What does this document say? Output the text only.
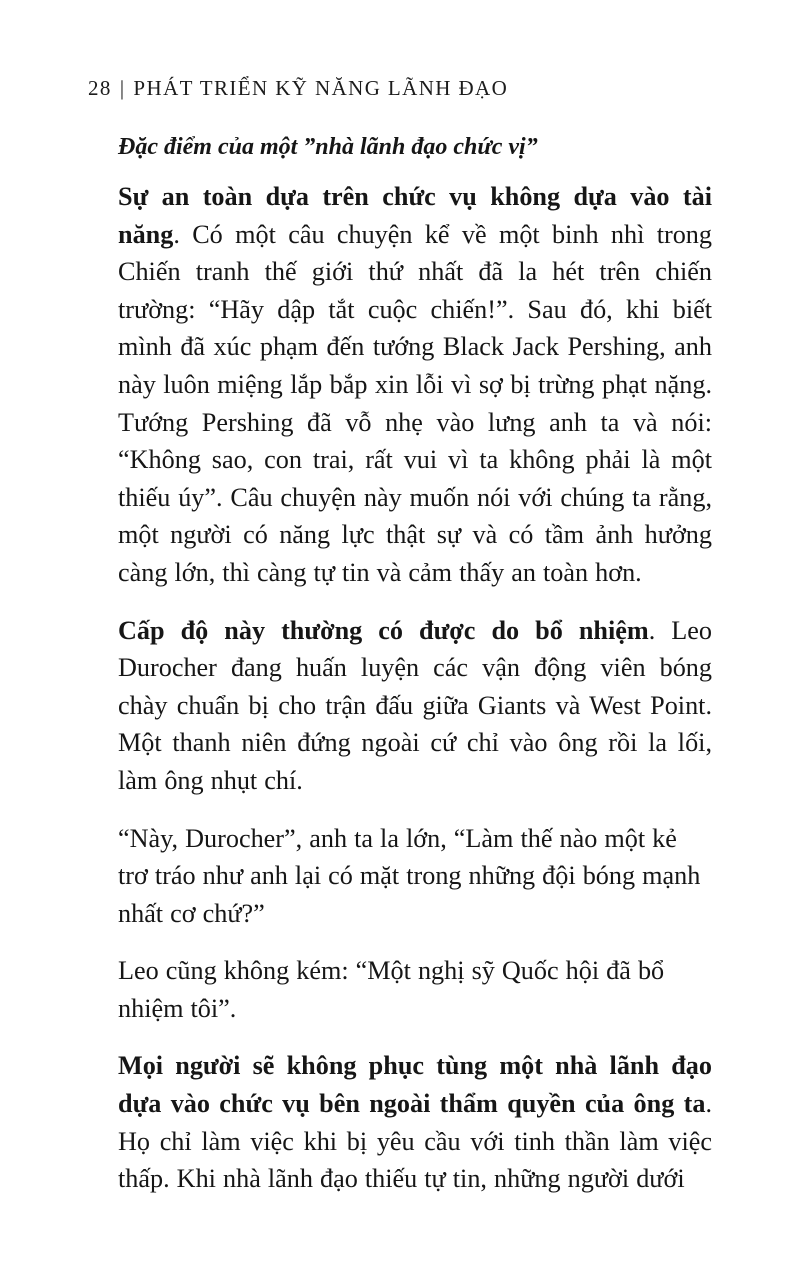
28 | PHÁT TRIỂN KỸ NĂNG LÃNH ĐẠO
Đặc điểm của một ”nhà lãnh đạo chức vị”

Sự an toàn dựa trên chức vụ không dựa vào tài năng. Có một câu chuyện kể về một binh nhì trong Chiến tranh thế giới thứ nhất đã la hét trên chiến trường: “Hãy dập tắt cuộc chiến!”. Sau đó, khi biết mình đã xúc phạm đến tướng Black Jack Pershing, anh này luôn miệng lắp bắp xin lỗi vì sợ bị trừng phạt nặng. Tướng Pershing đã vỗ nhẹ vào lưng anh ta và nói: “Không sao, con trai, rất vui vì ta không phải là một thiếu úy”. Câu chuyện này muốn nói với chúng ta rằng, một người có năng lực thật sự và có tầm ảnh hưởng càng lớn, thì càng tự tin và cảm thấy an toàn hơn.

Cấp độ này thường có được do bổ nhiệm. Leo Durocher đang huấn luyện các vận động viên bóng chày chuẩn bị cho trận đấu giữa Giants và West Point. Một thanh niên đứng ngoài cứ chỉ vào ông rồi la lối, làm ông nhụt chí.

“Này, Durocher”, anh ta la lớn, “Làm thế nào một kẻ trơ tráo như anh lại có mặt trong những đội bóng mạnh nhất cơ chứ?”

Leo cũng không kém: “Một nghị sỹ Quốc hội đã bổ nhiệm tôi”.

Mọi người sẽ không phục tùng một nhà lãnh đạo dựa vào chức vụ bên ngoài thẩm quyền của ông ta. Họ chỉ làm việc khi bị yêu cầu với tinh thần làm việc thấp. Khi nhà lãnh đạo thiếu tự tin, những người dưới
